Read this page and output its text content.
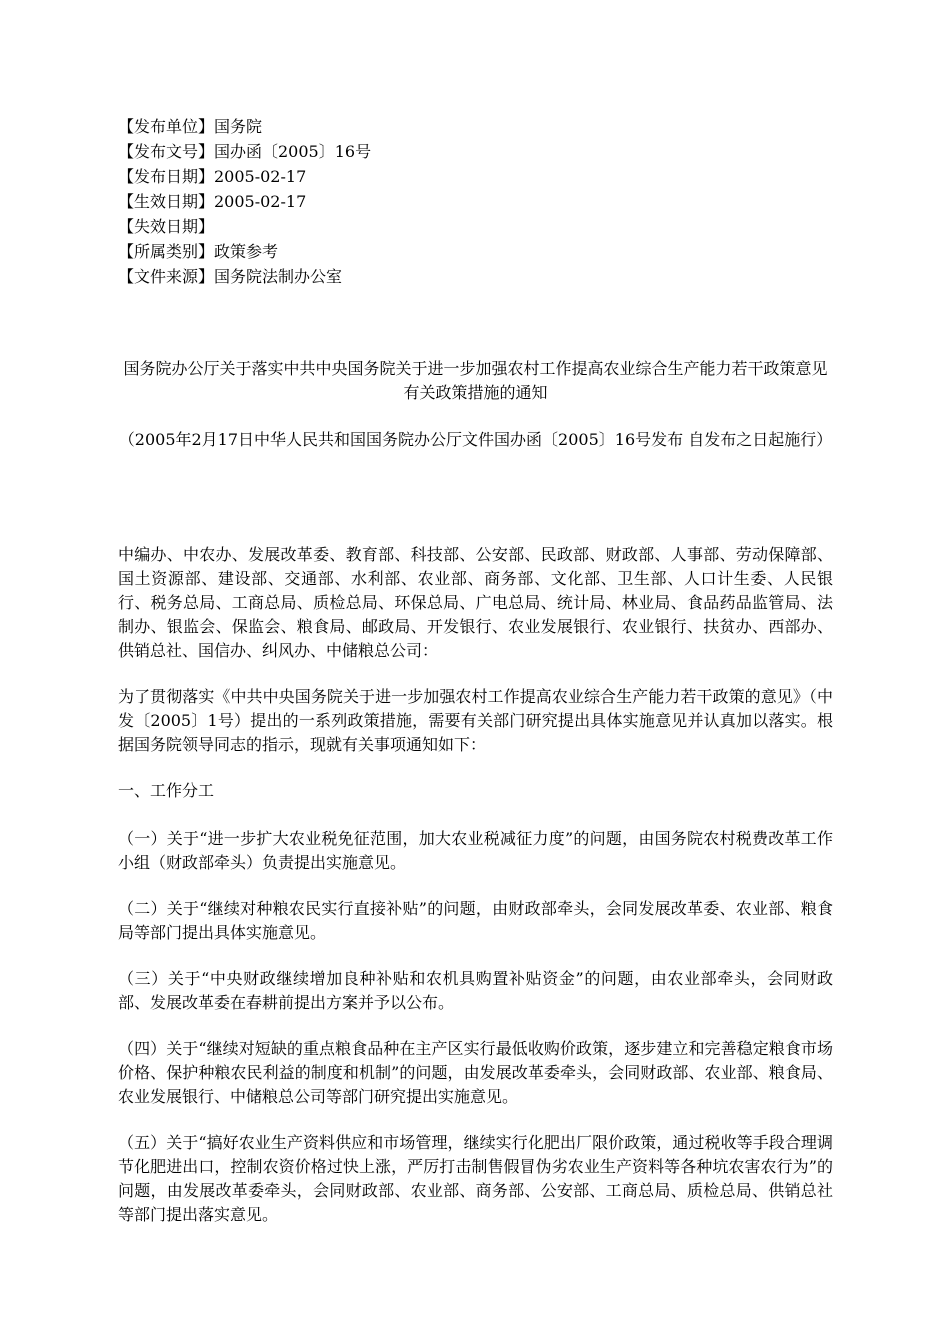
【发布单位】国务院
【发布文号】国办函〔2005〕16号
【发布日期】2005-02-17
【生效日期】2005-02-17
【失效日期】
【所属类别】政策参考
【文件来源】国务院法制办公室
国务院办公厅关于落实中共中央国务院关于进一步加强农村工作提高农业综合生产能力若干政策意见有关政策措施的通知
（2005年2月17日中华人民共和国国务院办公厅文件国办函〔2005〕16号发布 自发布之日起施行）

中编办、中农办、发展改革委、教育部、科技部、公安部、民政部、财政部、人事部、劳动保障部、国土资源部、建设部、交通部、水利部、农业部、商务部、文化部、卫生部、人口计生委、人民银行、税务总局、工商总局、质检总局、环保总局、广电总局、统计局、林业局、食品药品监管局、法制办、银监会、保监会、粮食局、邮政局、开发银行、农业发展银行、农业银行、扶贫办、西部办、供销总社、国信办、纠风办、中储粮总公司：

为了贯彻落实《中共中央国务院关于进一步加强农村工作提高农业综合生产能力若干政策的意见》（中发〔2005〕1号）提出的一系列政策措施，需要有关部门研究提出具体实施意见并认真加以落实。根据国务院领导同志的指示，现就有关事项通知如下：

一、工作分工

（一）关于“进一步扩大农业税免征范围，加大农业税减征力度”的问题，由国务院农村税费改革工作小组（财政部牵头）负责提出实施意见。

（二）关于“继续对种粮农民实行直接补贴”的问题，由财政部牵头，会同发展改革委、农业部、粮食局等部门提出具体实施意见。

（三）关于“中央财政继续增加良种补贴和农机具购置补贴资金”的问题，由农业部牵头，会同财政部、发展改革委在春耕前提出方案并予以公布。

（四）关于“继续对短缺的重点粮食品种在主产区实行最低收购价政策，逐步建立和完善稳定粮食市场价格、保护种粮农民利益的制度和机制”的问题，由发展改革委牵头，会同财政部、农业部、粮食局、农业发展银行、中储粮总公司等部门研究提出实施意见。

（五）关于“搞好农业生产资料供应和市场管理，继续实行化肥出厂限价政策，通过税收等手段合理调节化肥进出口，控制农资价格过快上涨，严厉打击制售假冒伪劣农业生产资料等各种坑农害农行为”的问题，由发展改革委牵头，会同财政部、农业部、商务部、公安部、工商总局、质检总局、供销总社等部门提出落实意见。
